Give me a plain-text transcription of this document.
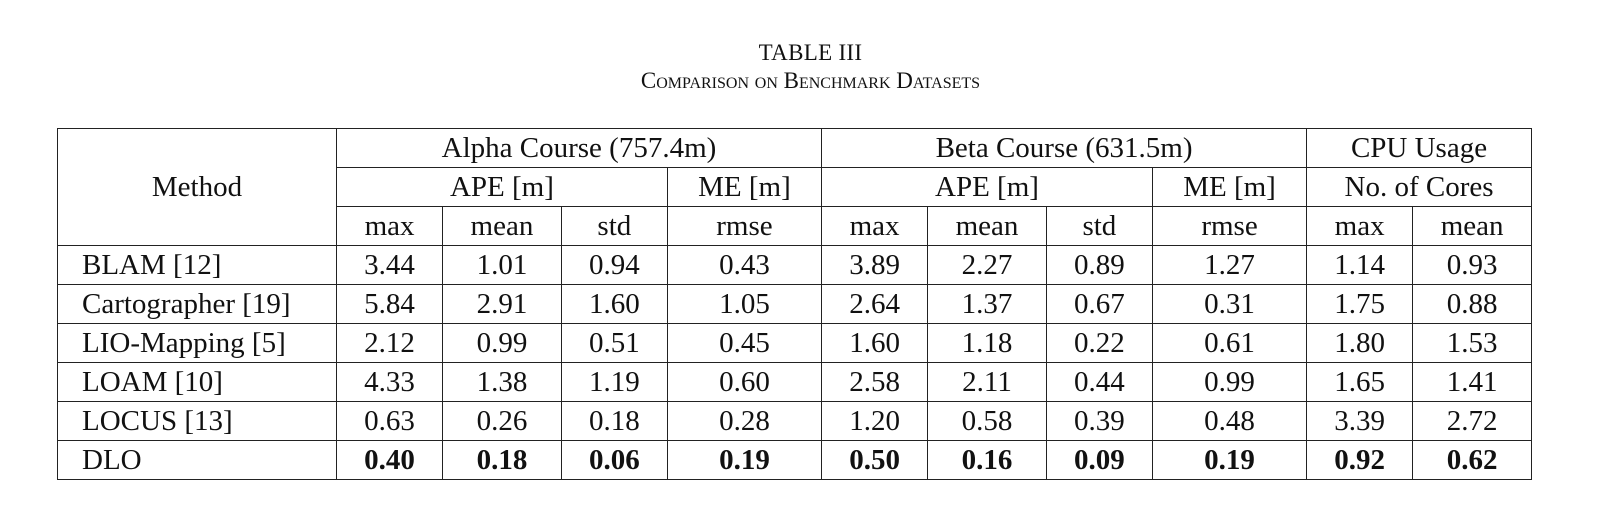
TABLE III
Comparison on Benchmark Datasets
Method	Alpha Course (757.4m)				Beta Course (631.5m)				CPU Usage	
	APE [m]			ME [m]	APE [m]			ME [m]	No. of Cores	
	max	mean	std	rmse	max	mean	std	rmse	max	mean
BLAM [12]	3.44	1.01	0.94	0.43	3.89	2.27	0.89	1.27	1.14	0.93
Cartographer [19]	5.84	2.91	1.60	1.05	2.64	1.37	0.67	0.31	1.75	0.88
LIO-Mapping [5]	2.12	0.99	0.51	0.45	1.60	1.18	0.22	0.61	1.80	1.53
LOAM [10]	4.33	1.38	1.19	0.60	2.58	2.11	0.44	0.99	1.65	1.41
LOCUS [13]	0.63	0.26	0.18	0.28	1.20	0.58	0.39	0.48	3.39	2.72
DLO	0.40	0.18	0.06	0.19	0.50	0.16	0.09	0.19	0.92	0.62
